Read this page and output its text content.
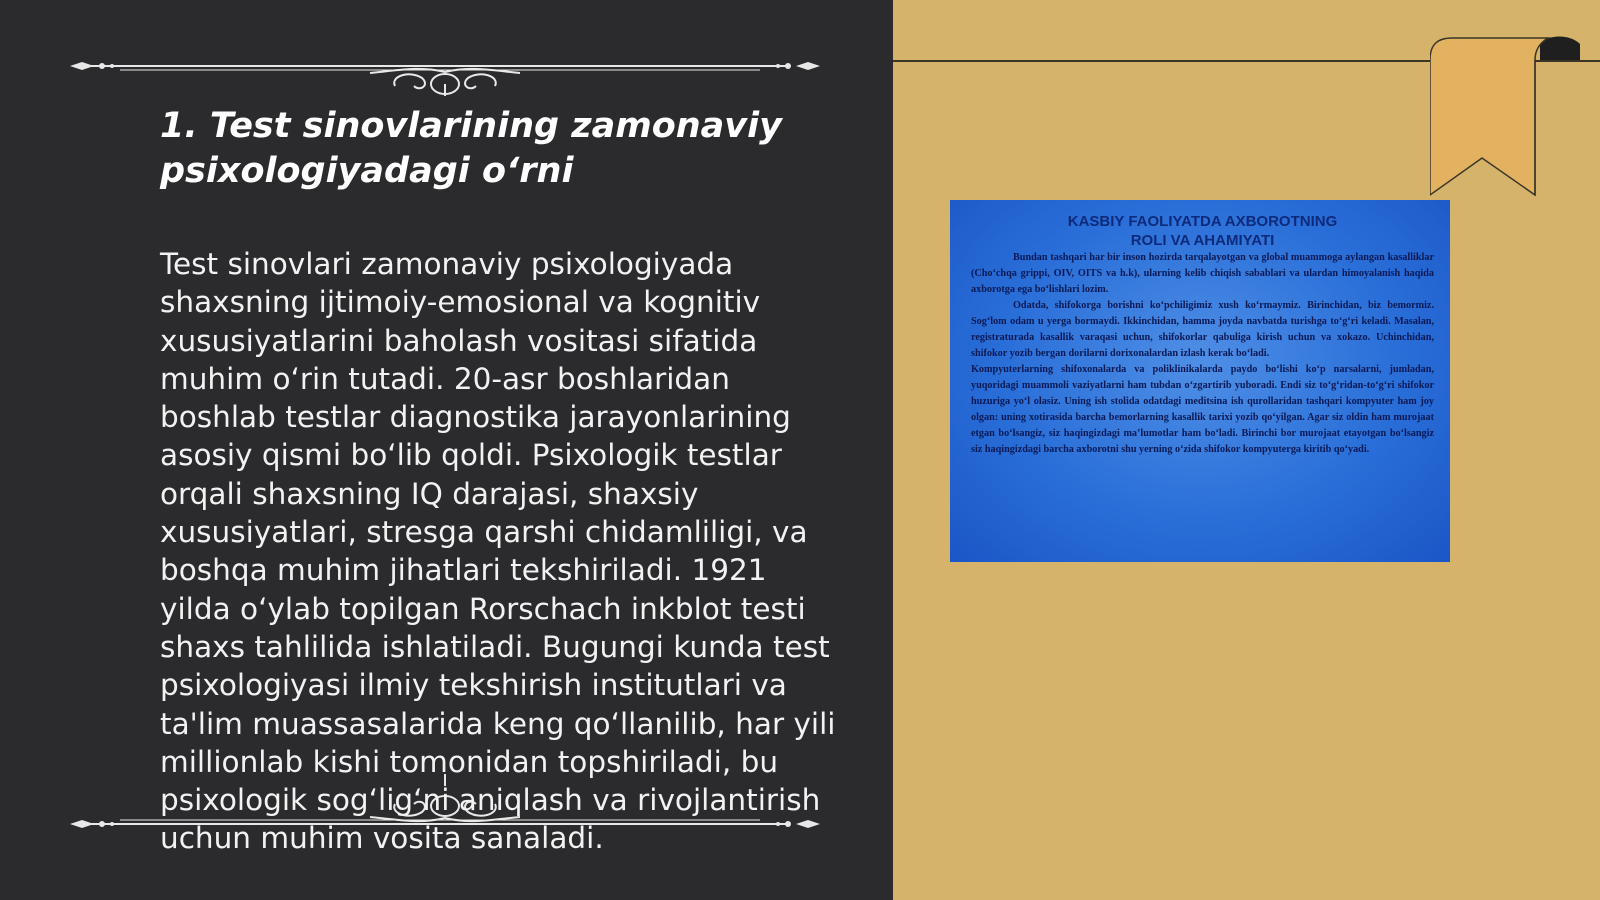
1. Test sinovlarining zamonaviy
psixologiyadagi o‘rni
Test sinovlari zamonaviy psixologiyada shaxsning ijtimoiy-emosional va kognitiv xususiyatlarini baholash vositasi sifatida muhim o‘rin tutadi. 20-asr boshlaridan boshlab testlar diagnostika jarayonlarining asosiy qismi bo‘lib qoldi. Psixologik testlar orqali shaxsning IQ darajasi, shaxsiy xususiyatlari, stresga qarshi chidamliligi, va boshqa muhim jihatlari tekshiriladi. 1921 yilda o‘ylab topilgan Rorschach inkblot testi shaxs tahlilida ishlatiladi. Bugungi kunda test psixologiyasi ilmiy tekshirish institutlari va ta'lim muassasalarida keng qo‘llanilib, har yili millionlab kishi tomonidan topshiriladi, bu psixologik sog‘lig‘ni aniqlash va rivojlantirish uchun muhim vosita sanaladi.
KASBIY FAOLIYATDA AXBOROTNING
ROLI VA AHAMIYATI

Bundan tashqari har bir inson hozirda tarqalayotgan va global muammoga aylangan kasalliklar (Cho‘chqa grippi, OIV, OITS va h.k), ularning kelib chiqish sabablari va ulardan himoyalanish haqida axborotga ega bo‘lishlari lozim.

Odatda, shifokorga borishni ko‘pchiligimiz xush ko‘rmaymiz. Birinchidan, biz bemormiz. Sog‘lom odam u yerga bormaydi. Ikkinchidan, hamma joyda navbatda turishga to‘g‘ri keladi. Masalan, registraturada kasallik varaqasi uchun, shifokorlar qabuliga kirish uchun va xokazo. Uchinchidan, shifokor yozib bergan dorilarni dorixonalardan izlash kerak bo‘ladi.

Kompyuterlarning shifoxonalarda va poliklinikalarda paydo bo‘lishi ko‘p narsalarni, jumladan, yuqoridagi muammoli vaziyatlarni ham tubdan o‘zgartirib yuboradi. Endi siz to‘g‘ridan-to‘g‘ri shifokor huzuriga yo‘l olasiz. Uning ish stolida odatdagi meditsina ish qurollaridan tashqari kompyuter ham joy olgan: uning xotirasida barcha bemorlarning kasallik tarixi yozib qo‘yilgan. Agar siz oldin ham murojaat etgan bo‘lsangiz, siz haqingizdagi ma’lumotlar ham bo‘ladi. Birinchi bor murojaat etayotgan bo‘lsangiz siz haqingizdagi barcha axborotni shu yerning o‘zida shifokor kompyuterga kiritib qo‘yadi.
